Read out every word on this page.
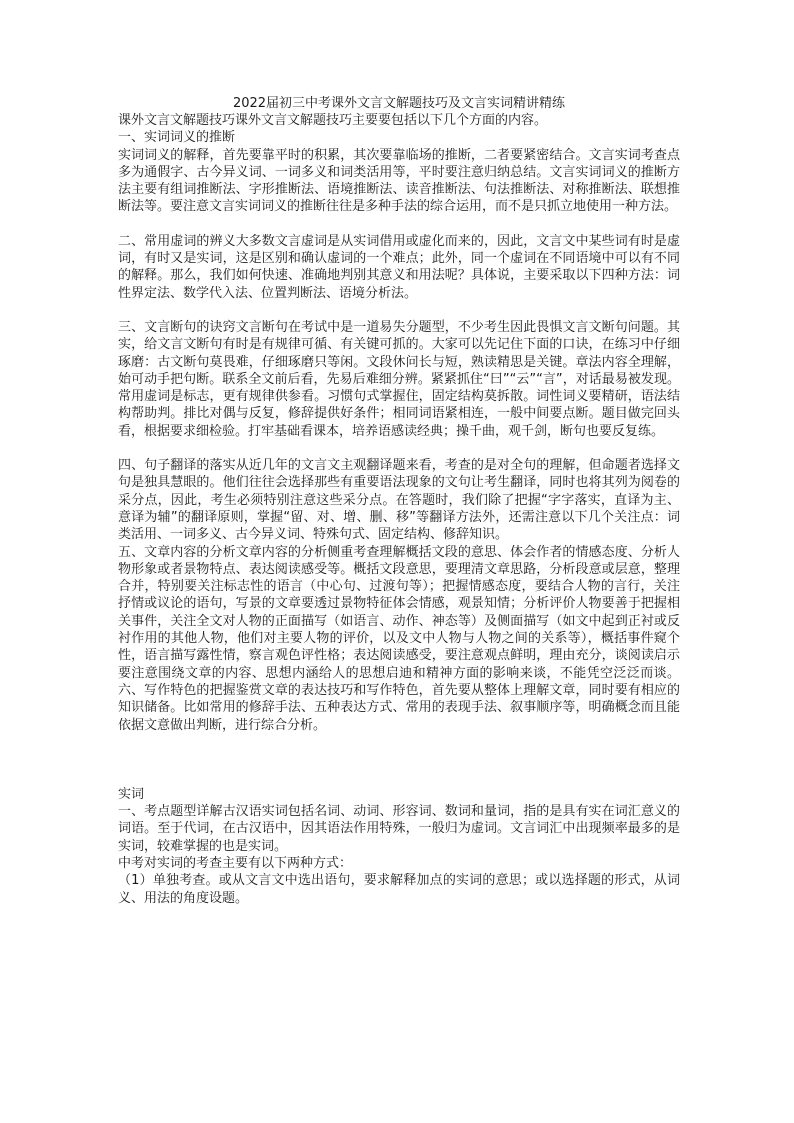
2022届初三中考课外文言文解题技巧及文言实词精讲精练

课外文言文解题技巧课外文言文解题技巧主要要包括以下几个方面的内容。

一、实词词义的推断

实词词义的解释，首先要靠平时的积累，其次要靠临场的推断，二者要紧密结合。文言实词考查点多为通假字、古今异义词、一词多义和词类活用等，平时要注意归纳总结。文言实词词义的推断方法主要有组词推断法、字形推断法、语境推断法、读音推断法、句法推断法、对称推断法、联想推断法等。要注意文言实词词义的推断往往是多种手法的综合运用，而不是只抓立地使用一种方法。

二、常用虚词的辨义大多数文言虚词是从实词借用或虚化而来的，因此，文言文中某些词有时是虚词，有时又是实词，这是区别和确认虚词的一个难点；此外，同一个虚词在不同语境中可以有不同的解释。那么，我们如何快速、准确地判别其意义和用法呢？具体说，主要采取以下四种方法：词性界定法、数学代入法、位置判断法、语境分析法。

三、文言断句的诀窍文言断句在考试中是一道易失分题型，不少考生因此畏惧文言文断句问题。其实，给文言文断句有时是有规律可循、有关键可抓的。大家可以先记住下面的口诀，在练习中仔细琢磨：古文断句莫畏难，仔细琢磨只等闲。文段休问长与短，熟读精思是关键。章法内容全理解，始可动手把句断。联系全文前后看，先易后难细分辨。紧紧抓住“曰”“云”“言”，对话最易被发现。常用虚词是标志，更有规律供参看。习惯句式掌握住，固定结构莫拆散。词性词义要精研，语法结构帮助判。排比对偶与反复，修辞提供好条件；相同词语紧相连，一般中间要点断。题目做完回头看，根据要求细检验。打牢基础看课本，培养语感读经典；操千曲，观千剑，断句也要反复练。

四、句子翻译的落实从近几年的文言文主观翻译题来看，考查的是对全句的理解，但命题者选择文句是独具慧眼的。他们往往会选择那些有重要语法现象的文句让考生翻译，同时也将其列为阅卷的采分点，因此，考生必须特别注意这些采分点。在答题时，我们除了把握“字字落实，直译为主、意译为辅”的翻译原则，掌握“留、对、增、删、移”等翻译方法外，还需注意以下几个关注点：词类活用、一词多义、古今异义词、特殊句式、固定结构、修辞知识。

五、文章内容的分析文章内容的分析侧重考查理解概括文段的意思、体会作者的情感态度、分析人物形象或者景物特点、表达阅读感受等。概括文段意思，要理清文章思路，分析段意或层意，整理合并，特别要关注标志性的语言（中心句、过渡句等）；把握情感态度，要结合人物的言行，关注抒情或议论的语句，写景的文章要透过景物特征体会情感，观景知情；分析评价人物要善于把握相关事件，关注全文对人物的正面描写（如语言、动作、神态等）及侧面描写（如文中起到正衬或反衬作用的其他人物，他们对主要人物的评价，以及文中人物与人物之间的关系等），概括事件窥个性，语言描写露性情，察言观色评性格；表达阅读感受，要注意观点鲜明，理由充分，谈阅读启示要注意围绕文章的内容、思想内涵给人的思想启迪和精神方面的影响来谈，不能凭空泛泛而谈。六、写作特色的把握鉴赏文章的表达技巧和写作特色，首先要从整体上理解文章，同时要有相应的知识储备。比如常用的修辞手法、五种表达方式、常用的表现手法、叙事顺序等，明确概念而且能依据文意做出判断，进行综合分析。

实词

一、考点题型详解古汉语实词包括名词、动词、形容词、数词和量词，指的是具有实在词汇意义的词语。至于代词，在古汉语中，因其语法作用特殊，一般归为虚词。文言词汇中出现频率最多的是实词，较难掌握的也是实词。

中考对实词的考查主要有以下两种方式：

（1）单独考查。或从文言文中选出语句，要求解释加点的实词的意思；或以选择题的形式，从词义、用法的角度设题。
